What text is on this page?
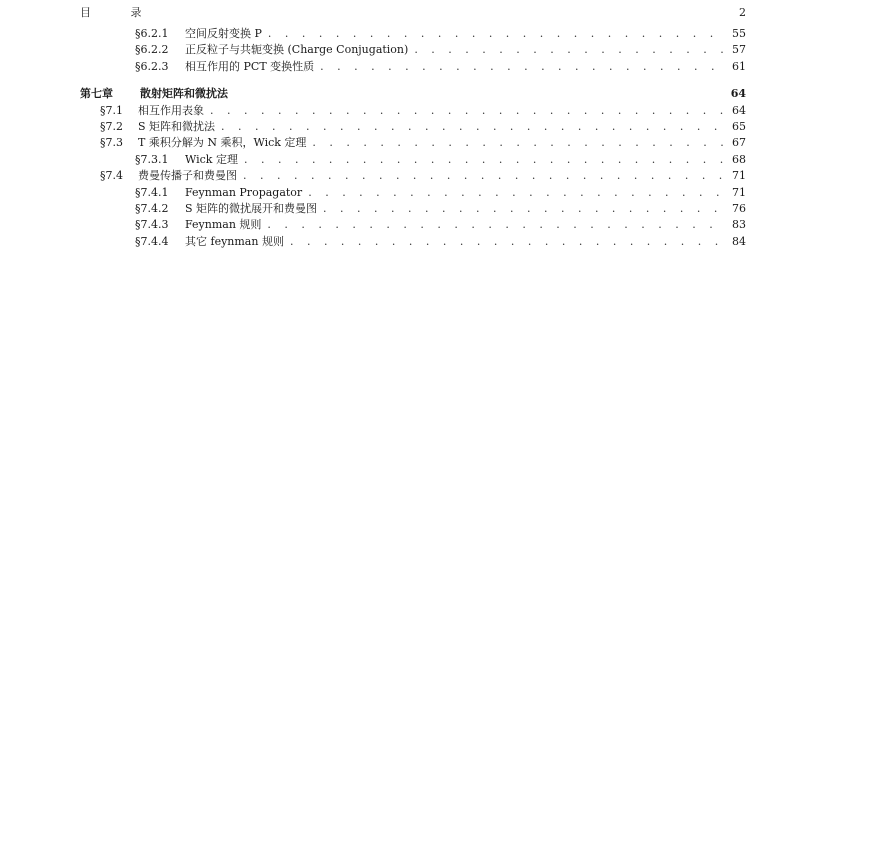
目 录	2
§6.2.1	空间反射变换 P . . .	55
§6.2.2	正反粒子与共轭变换 (Charge Conjugation) . . .	57
§6.2.3	相互作用的 PCT 变换性质 . . .	61
第七章	散射矩阵和微扰法	64
§7.1	相互作用表象 . . .	64
§7.2	S 矩阵和微扰法 . . .	65
§7.3	T 乘积分解为 N 乘积，Wick 定理 . . .	67
§7.3.1	Wick 定理 . . .	68
§7.4	费曼传播子和费曼图 . . .	71
§7.4.1	Feynman Propagator . . .	71
§7.4.2	S 矩阵的微扰展开和费曼图 . . .	76
§7.4.3	Feynman 规则 . . .	83
§7.4.4	其它 feynman 规则 . . .	84
